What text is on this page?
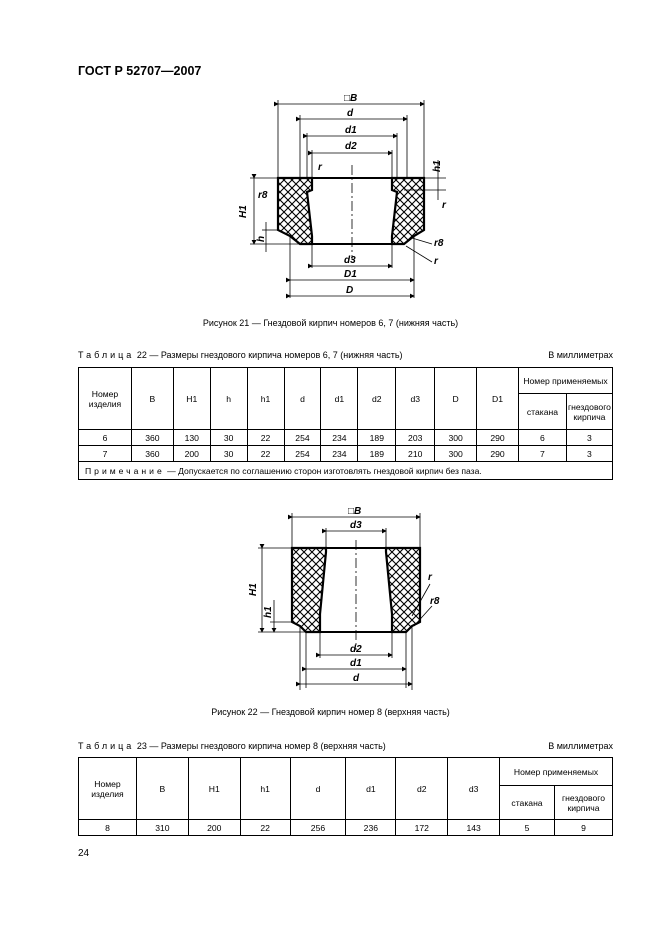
ГОСТ Р 52707—2007
□B
d
d1
d2
d3
D1
D
H1
h
r8
r	h1
r
r8
r
Рисунок 21 — Гнездовой кирпич номеров 6, 7 (нижняя часть)
Таблица 22 — Размеры гнездового кирпича номеров 6, 7 (нижняя часть)	В миллиметрах
Номер изделия	B	H1	h	h1	d	d1	d2	d3	D	D1	Номер применяемых	
											стакана	гнездового кирпича
6	360	130	30	22	254	234	189	203	300	290	6	3
7	360	200	30	22	254	234	189	210	300	290	7	3
Примечание — Допускается по соглашению сторон изготовлять гнездовой кирпич без паза.												
□B
d3
d2
d1
d
H1
h1
r
r8
Рисунок 22 — Гнездовой кирпич номер 8 (верхняя часть)
Таблица 23 — Размеры гнездового кирпича номер 8 (верхняя часть)	В миллиметрах
Номер изделия	B	H1	h1	d	d1	d2	d3	Номер применяемых	
								стакана	гнездового кирпича
8	310	200	22	256	236	172	143	5	9
24
